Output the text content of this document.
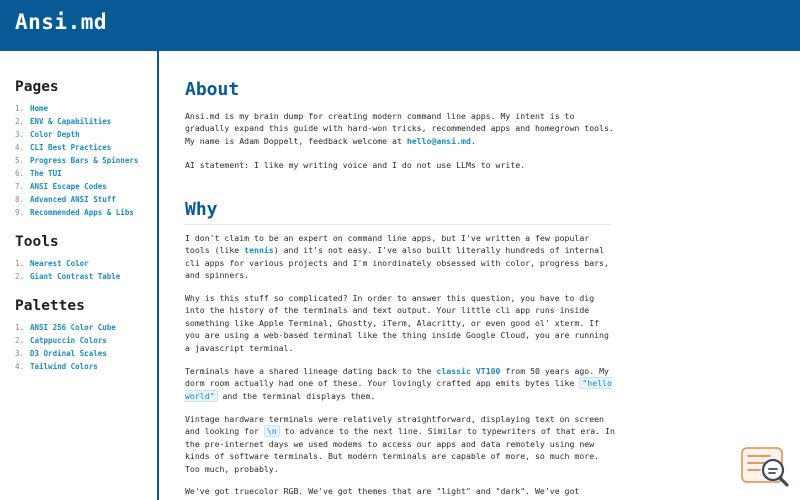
Ansi.md
Pages
1. Home
2. ENV & Capabilities
3. Color Depth
4. CLI Best Practices
5. Progress Bars & Spinners
6. The TUI
7. ANSI Escape Codes
8. Advanced ANSI Stuff
9. Recommended Apps & Libs
Tools
1. Nearest Color
2. Giant Contrast Table
Palettes
1. ANSI 256 Color Cube
2. Catppuccin Colors
3. D3 Ordinal Scales
4. Tailwind Colors
About

Ansi.md is my brain dump for creating modern command line apps. My intent is to gradually expand this guide with hard-won tricks, recommended apps and homegrown tools. My name is Adam Doppelt, feedback welcome at hello@ansi.md.

AI statement: I like my writing voice and I do not use LLMs to write.

Why

I don't claim to be an expert on command line apps, but I've written a few popular tools (like tennis) and it's not easy. I've also built literally hundreds of internal cli apps for various projects and I'm inordinately obsessed with color, progress bars, and spinners.

Why is this stuff so complicated? In order to answer this question, you have to dig into the history of the terminals and text output. Your little cli app runs inside something like Apple Terminal, Ghostty, iTerm, Alacritty, or even good ol' xterm. If you are using a web-based terminal like the thing inside Google Cloud, you are running a javascript terminal.

Terminals have a shared lineage dating back to the classic VT100 from 50 years ago. My dorm room actually had one of these. Your lovingly crafted app emits bytes like "hello world" and the terminal displays them.

Vintage hardware terminals were relatively straightforward, displaying text on screen and looking for \n to advance to the next line. Similar to typewriters of that era. In the pre-internet days we used modems to access our apps and data remotely using new kinds of software terminals. But modern terminals are capable of more, so much more. Too much, probably.

We've got truecolor RGB. We've got themes that are "light" and "dark". We've got
